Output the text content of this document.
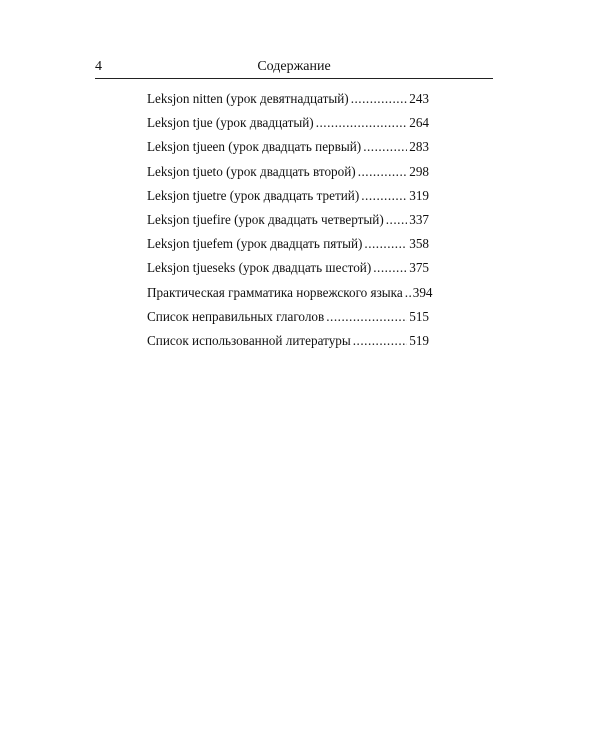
4	Содержание
Leksjon nitten (урок девятнадцатый) .....	243
Leksjon tjue (урок двадцатый) .....	264
Leksjon tjueen (урок двадцать первый) .....	283
Leksjon tjueto (урок двадцать второй) .....	298
Leksjon tjuetre (урок двадцать третий) .....	319
Leksjon tjuefire (урок двадцать четвертый) ..... 337
Leksjon tjuefem (урок двадцать пятый) .....	358
Leksjon tjueseks (урок двадцать шестой) .....	375
Практическая грамматика норвежского языка ..... 394
Список неправильных глаголов .....	515
Список использованной литературы .....	519
